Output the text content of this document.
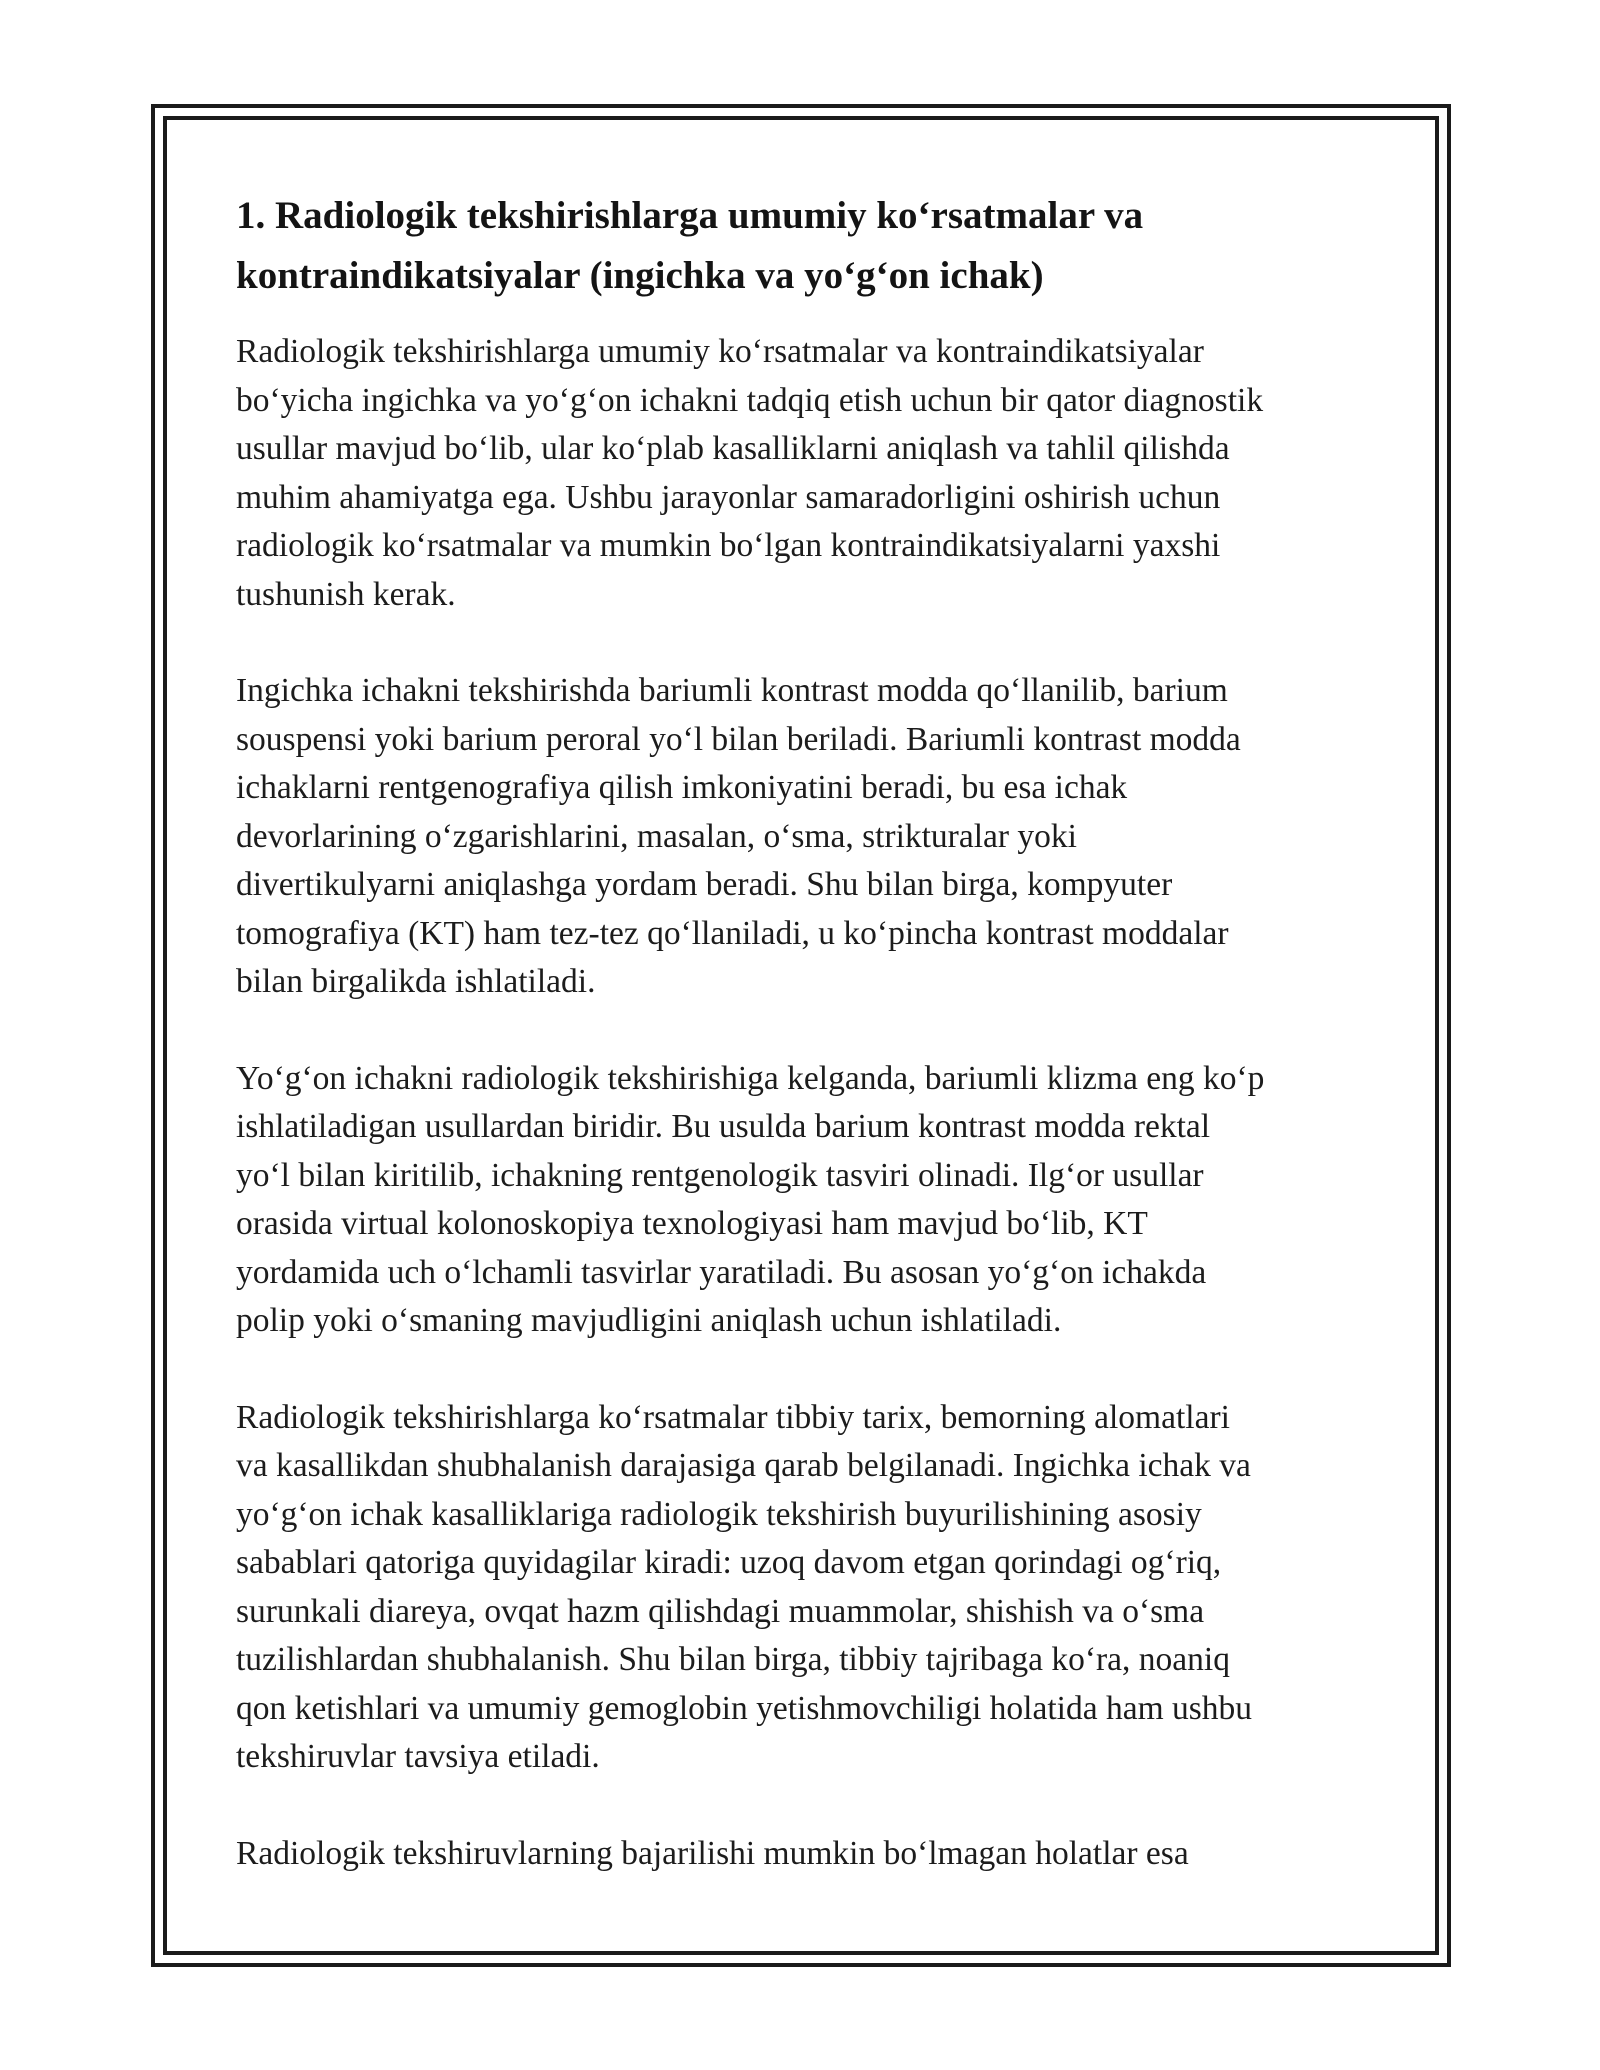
1. Radiologik tekshirishlarga umumiy ko‘rsatmalar va
kontraindikatsiyalar (ingichka va yo‘g‘on ichak)

Radiologik tekshirishlarga umumiy ko‘rsatmalar va kontraindikatsiyalar
bo‘yicha ingichka va yo‘g‘on ichakni tadqiq etish uchun bir qator diagnostik
usullar mavjud bo‘lib, ular ko‘plab kasalliklarni aniqlash va tahlil qilishda
muhim ahamiyatga ega. Ushbu jarayonlar samaradorligini oshirish uchun
radiologik ko‘rsatmalar va mumkin bo‘lgan kontraindikatsiyalarni yaxshi
tushunish kerak.

Ingichka ichakni tekshirishda bariumli kontrast modda qo‘llanilib, barium
souspensi yoki barium peroral yo‘l bilan beriladi. Bariumli kontrast modda
ichaklarni rentgenografiya qilish imkoniyatini beradi, bu esa ichak
devorlarining o‘zgarishlarini, masalan, o‘sma, strikturalar yoki
divertikulyarni aniqlashga yordam beradi. Shu bilan birga, kompyuter
tomografiya (KT) ham tez-tez qo‘llaniladi, u ko‘pincha kontrast moddalar
bilan birgalikda ishlatiladi.

Yo‘g‘on ichakni radiologik tekshirishiga kelganda, bariumli klizma eng ko‘p
ishlatiladigan usullardan biridir. Bu usulda barium kontrast modda rektal
yo‘l bilan kiritilib, ichakning rentgenologik tasviri olinadi. Ilg‘or usullar
orasida virtual kolonoskopiya texnologiyasi ham mavjud bo‘lib, KT
yordamida uch o‘lchamli tasvirlar yaratiladi. Bu asosan yo‘g‘on ichakda
polip yoki o‘smaning mavjudligini aniqlash uchun ishlatiladi.

Radiologik tekshirishlarga ko‘rsatmalar tibbiy tarix, bemorning alomatlari
va kasallikdan shubhalanish darajasiga qarab belgilanadi. Ingichka ichak va
yo‘g‘on ichak kasalliklariga radiologik tekshirish buyurilishining asosiy
sabablari qatoriga quyidagilar kiradi: uzoq davom etgan qorindagi og‘riq,
surunkali diareya, ovqat hazm qilishdagi muammolar, shishish va o‘sma
tuzilishlardan shubhalanish. Shu bilan birga, tibbiy tajribaga ko‘ra, noaniq
qon ketishlari va umumiy gemoglobin yetishmovchiligi holatida ham ushbu
tekshiruvlar tavsiya etiladi.

Radiologik tekshiruvlarning bajarilishi mumkin bo‘lmagan holatlar esa
